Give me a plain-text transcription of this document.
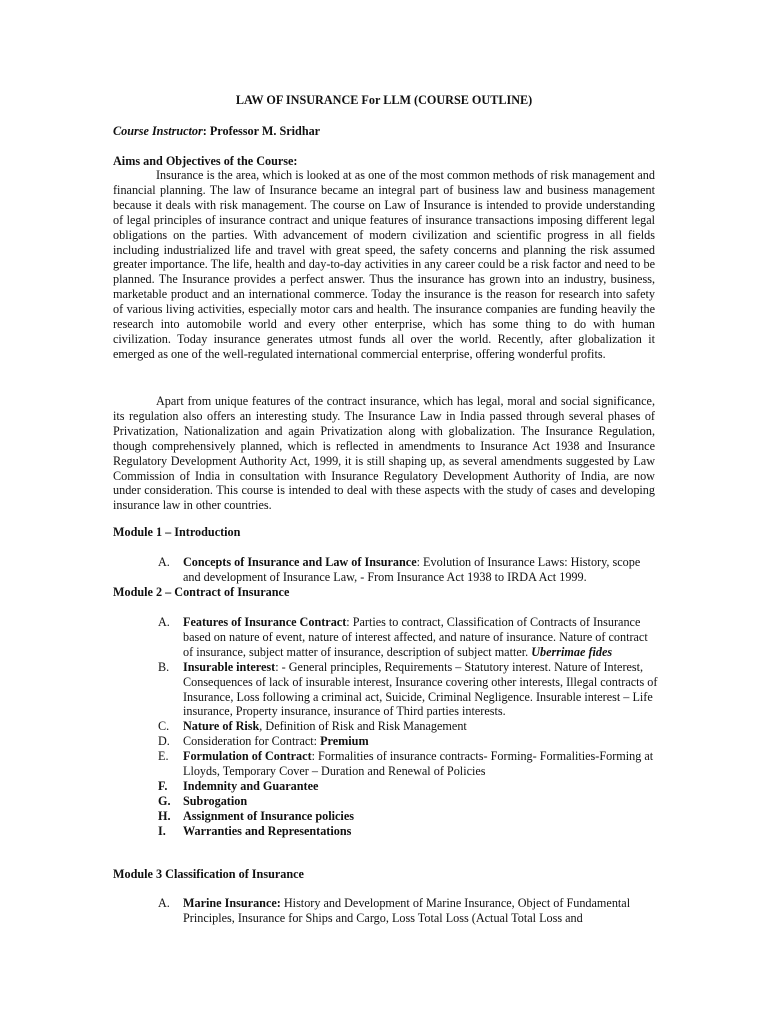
LAW OF INSURANCE For LLM (COURSE OUTLINE)
Course Instructor: Professor M. Sridhar
Aims and Objectives of the Course:

Insurance is the area, which is looked at as one of the most common methods of risk management and financial planning. The law of Insurance became an integral part of business law and business management because it deals with risk management. The course on Law of Insurance is intended to provide understanding of legal principles of insurance contract and unique features of insurance transactions imposing different legal obligations on the parties. With advancement of modern civilization and scientific progress in all fields including industrialized life and travel with great speed, the safety concerns and planning the risk assumed greater importance. The life, health and day-to-day activities in any career could be a risk factor and need to be planned. The Insurance provides a perfect answer. Thus the insurance has grown into an industry, business, marketable product and an international commerce. Today the insurance is the reason for research into safety of various living activities, especially motor cars and health. The insurance companies are funding heavily the research into automobile world and every other enterprise, which has some thing to do with human civilization. Today insurance generates utmost funds all over the world. Recently, after globalization it emerged as one of the well-regulated international commercial enterprise, offering wonderful profits.

Apart from unique features of the contract insurance, which has legal, moral and social significance, its regulation also offers an interesting study. The Insurance Law in India passed through several phases of Privatization, Nationalization and again Privatization along with globalization. The Insurance Regulation, though comprehensively planned, which is reflected in amendments to Insurance Act 1938 and Insurance Regulatory Development Authority Act, 1999, it is still shaping up, as several amendments suggested by Law Commission of India in consultation with Insurance Regulatory Development Authority of India, are now under consideration. This course is intended to deal with these aspects with the study of cases and developing insurance law in other countries.

Module 1 – Introduction
A. Concepts of Insurance and Law of Insurance: Evolution of Insurance Laws: History, scope and development of Insurance Law, - From Insurance Act 1938 to IRDA Act 1999.
Module 2 – Contract of Insurance
A. Features of Insurance Contract: Parties to contract, Classification of Contracts of Insurance based on nature of event, nature of interest affected, and nature of insurance. Nature of contract of insurance, subject matter of insurance, description of subject matter. Uberrimae fides
B. Insurable interest: - General principles, Requirements – Statutory interest. Nature of Interest, Consequences of lack of insurable interest, Insurance covering other interests, Illegal contracts of Insurance, Loss following a criminal act, Suicide, Criminal Negligence. Insurable interest – Life insurance, Property insurance, insurance of Third parties interests.
C. Nature of Risk, Definition of Risk and Risk Management
D. Consideration for Contract: Premium
E. Formulation of Contract: Formalities of insurance contracts- Forming- Formalities-Forming at Lloyds, Temporary Cover – Duration and Renewal of Policies
F. Indemnity and Guarantee
G. Subrogation
H. Assignment of Insurance policies
I. Warranties and Representations
Module 3 Classification of Insurance
A. Marine Insurance: History and Development of Marine Insurance, Object of Fundamental Principles, Insurance for Ships and Cargo, Loss Total Loss (Actual Total Loss and
